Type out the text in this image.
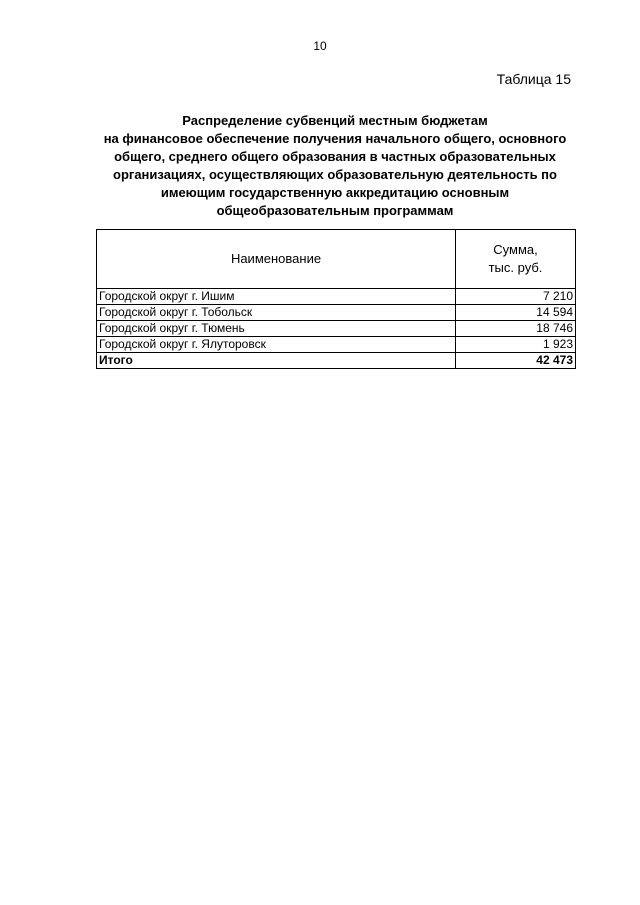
10
Таблица 15
Распределение субвенций местным бюджетам
на финансовое обеспечение получения начального общего, основного
общего, среднего общего образования в частных образовательных
организациях, осуществляющих образовательную деятельность по
имеющим государственную аккредитацию основным
общеобразовательным программам
Наименование	Сумма,
тыс. руб.

Городской округ г. Ишим	7 210
Городской округ г. Тобольск	14 594
Городской округ г. Тюмень	18 746
Городской округ г. Ялуторовск	1 923
Итого	42 473
